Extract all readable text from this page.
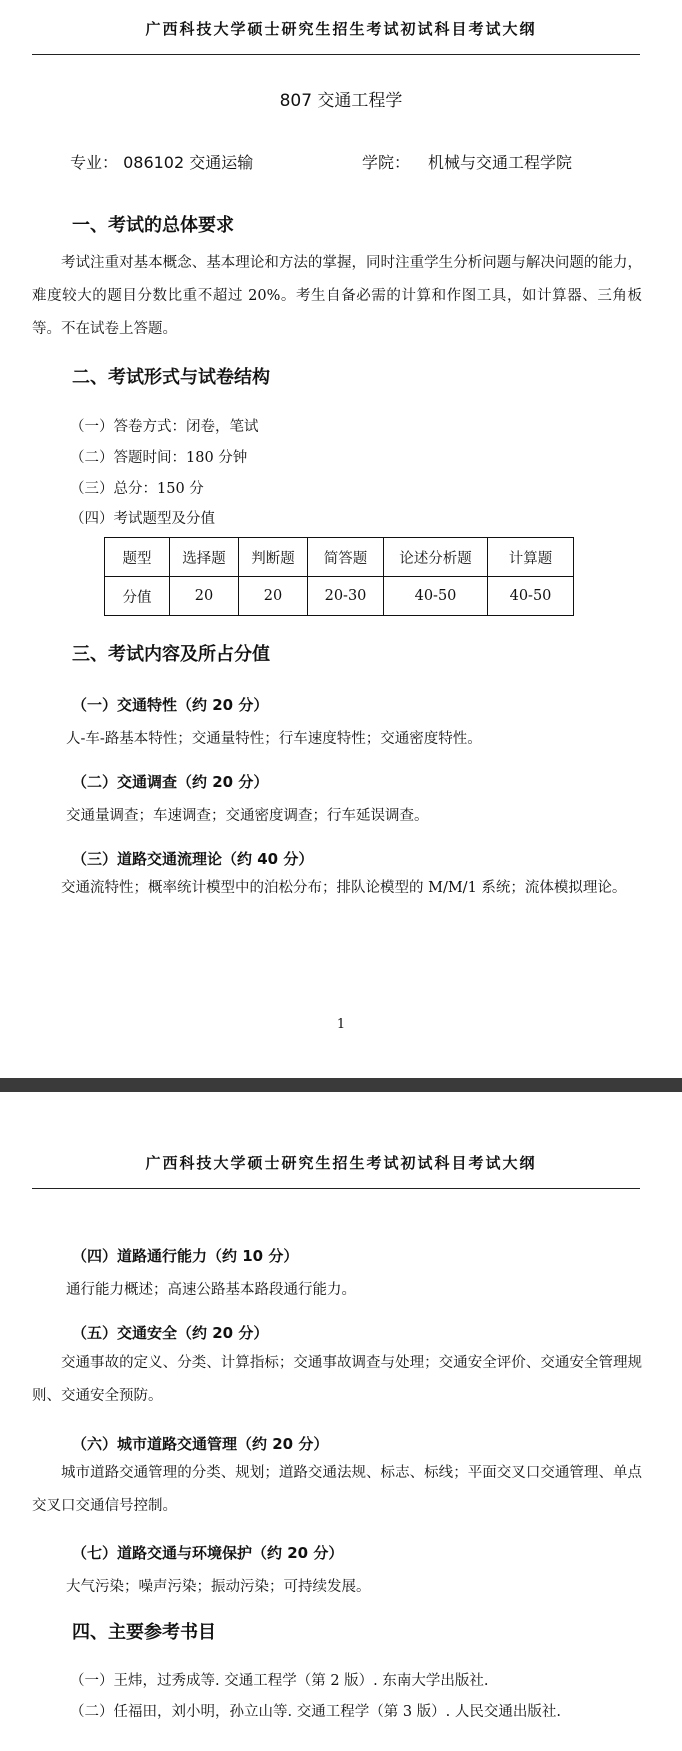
广西科技大学硕士研究生招生考试初试科目考试大纲
807 交通工程学
专业： 086102 交通运输	学院： 机械与交通工程学院
一、考试的总体要求
考试注重对基本概念、基本理论和方法的掌握，同时注重学生分析问题与解决问题的能力，难度较大的题目分数比重不超过 20%。考生自备必需的计算和作图工具，如计算器、三角板等。不在试卷上答题。
二、考试形式与试卷结构
（一）答卷方式：闭卷，笔试
（二）答题时间：180 分钟
（三）总分：150 分
（四）考试题型及分值
题型	选择题	判断题	简答题	论述分析题	计算题
分值	20	20	20-30	40-50	40-50
三、考试内容及所占分值
（一）交通特性（约 20 分）
人-车-路基本特性；交通量特性；行车速度特性；交通密度特性。
（二）交通调查（约 20 分）
交通量调查；车速调查；交通密度调查；行车延误调查。
（三）道路交通流理论（约 40 分）
交通流特性；概率统计模型中的泊松分布；排队论模型的 M/M/1 系统；流体模拟理论。
1
广西科技大学硕士研究生招生考试初试科目考试大纲
（四）道路通行能力（约 10 分）
通行能力概述；高速公路基本路段通行能力。
（五）交通安全（约 20 分）
交通事故的定义、分类、计算指标；交通事故调查与处理；交通安全评价、交通安全管理规则、交通安全预防。
（六）城市道路交通管理（约 20 分）
城市道路交通管理的分类、规划；道路交通法规、标志、标线；平面交叉口交通管理、单点交叉口交通信号控制。
（七）道路交通与环境保护（约 20 分）
大气污染；噪声污染；振动污染；可持续发展。
四、主要参考书目
（一）王炜，过秀成等. 交通工程学（第 2 版）. 东南大学出版社.
（二）任福田，刘小明，孙立山等. 交通工程学（第 3 版）. 人民交通出版社.
